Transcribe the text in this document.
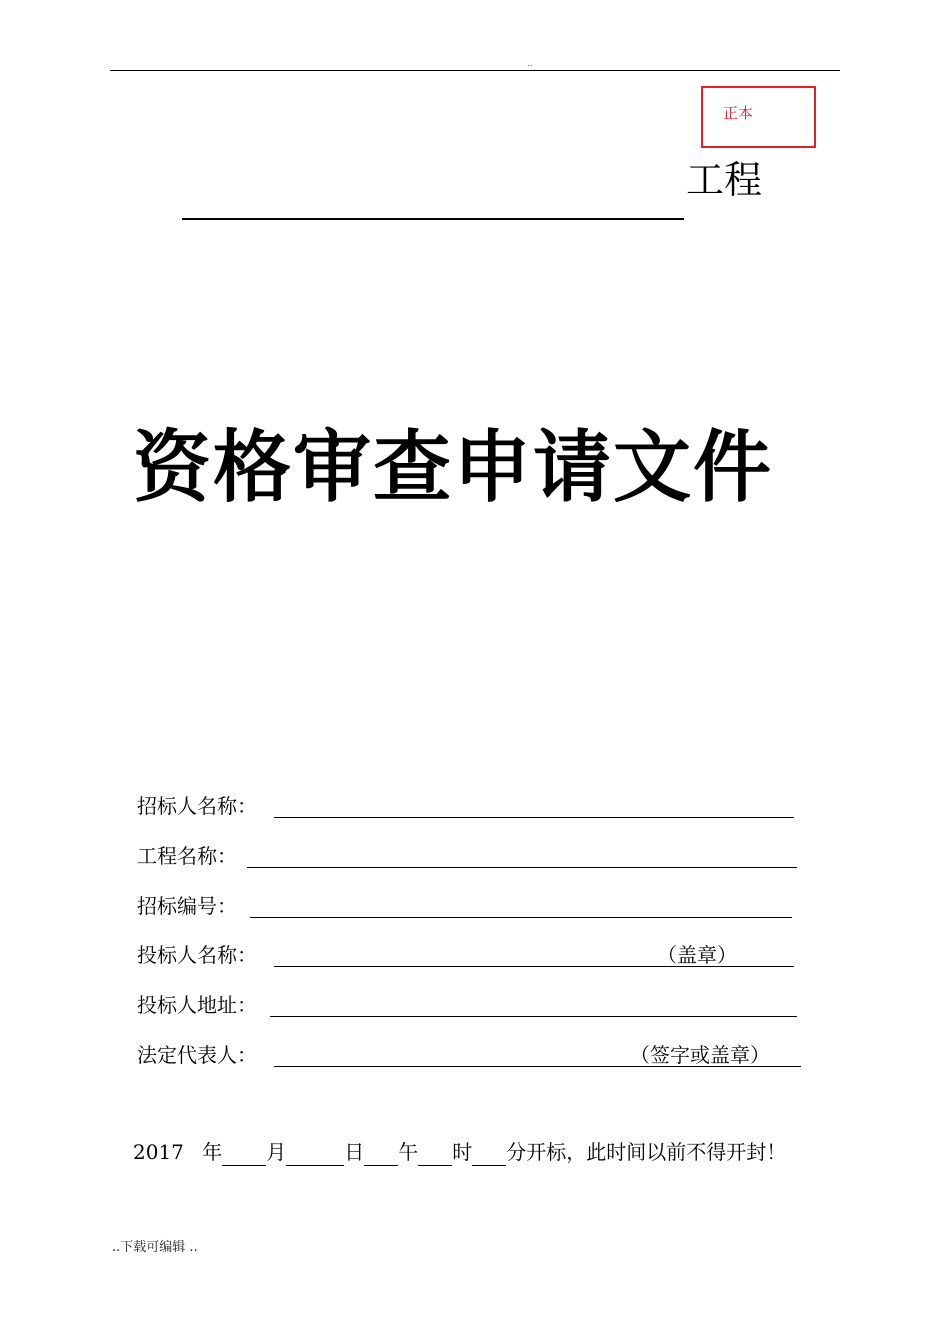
..
正本
工程
资格审查申请文件
招标人名称：
工程名称：
招标编号：
投标人名称：	（盖章）
投标人地址：
法定代表人：	（签字或盖章）
2017 年 月	日 午 时 分开标，此时间以前不得开封！
..下载可编辑 ..
